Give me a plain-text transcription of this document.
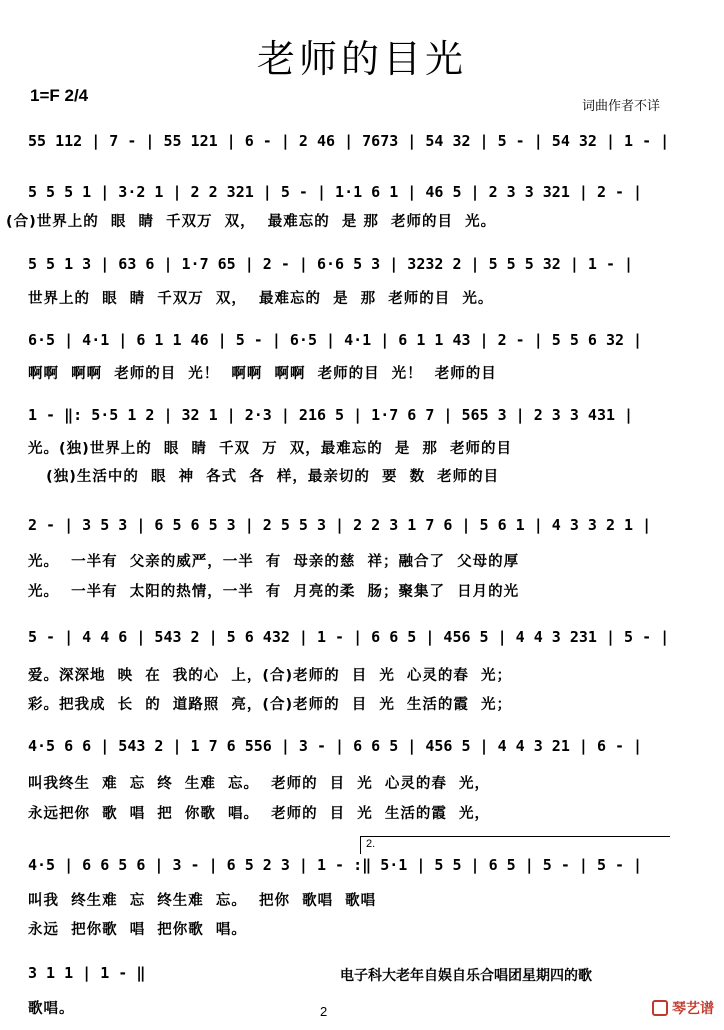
老师的目光
1=F 2/4
词曲作者不详
55 112 | 7 - | 55 121 | 6 - | 2 46 | 7673 | 54 32 | 5 - | 54 32 | 1 - |
5 5 5 1 | 3·2 1 | 2 2 321 | 5 - | 1·1 6 1 | 46 5 | 2 3 3 321 | 2 - |
(合)世界上的  眼  睛  千双万  双，  最难忘的  是 那  老师的目  光。
5 5 1 3 | 63 6 | 1·7 65 | 2 - | 6·6 5 3 | 3232 2 | 5 5 5 32 | 1 - |
世界上的  眼  睛  千双万  双，  最难忘的  是  那  老师的目  光。
6·5 | 4·1 | 6 1 1 46 | 5 - | 6·5 | 4·1 | 6 1 1 43 | 2 - | 5 5 6 32 |
啊啊  啊啊  老师的目  光！  啊啊  啊啊  老师的目  光！  老师的目
1 - ‖: 5·5 1 2 | 32 1 | 2·3 | 216 5 | 1·7 6 7 | 565 3 | 2 3 3 431 |
光。(独)世界上的  眼  睛  千双  万  双，最难忘的  是  那  老师的目
(独)生活中的  眼  神  各式  各  样，最亲切的  要  数  老师的目
2 - | 3 5 3 | 6 5 6 5 3 | 2 5 5 3 | 2 2 3 1 7 6 | 5 6 1 | 4 3 3 2 1 |
光。  一半有  父亲的威严，一半  有  母亲的慈  祥；融合了  父母的厚
光。  一半有  太阳的热情，一半  有  月亮的柔  肠；聚集了  日月的光
5 - | 4 4 6 | 543 2 | 5 6 432 | 1 - | 6 6 5 | 456 5 | 4 4 3 231 | 5 - |
爱。深深地  映  在  我的心  上，(合)老师的  目  光  心灵的春  光；
彩。把我成  长  的  道路照  亮，(合)老师的  目  光  生活的霞  光；
4·5 6 6 | 543 2 | 1 7 6 556 | 3 - | 6 6 5 | 456 5 | 4 4 3 21 | 6 - |
叫我终生  难  忘  终  生难  忘。  老师的  目  光  心灵的春  光，
永远把你  歌  唱  把  你歌  唱。  老师的  目  光  生活的霞  光，
2.
4·5 | 6 6 5 6 | 3 - | 6 5 2 3 | 1 - :‖ 5·1 | 5 5 | 6 5 | 5 - | 5 - |
叫我  终生难  忘  终生难  忘。  把你  歌唱  歌唱
永远  把你歌  唱  把你歌  唱。
3 1 1 | 1 - ‖
歌唱。
电子科大老年自娱自乐合唱团星期四的歌
2	琴艺谱
